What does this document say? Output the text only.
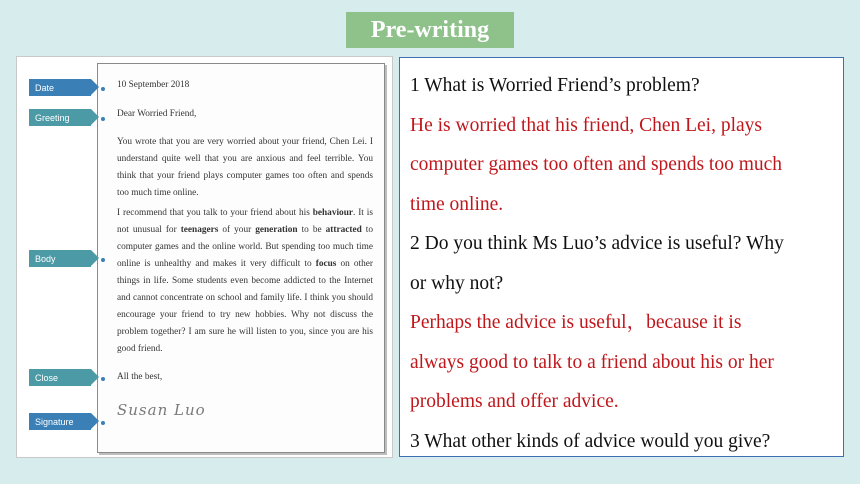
Pre-writing
Date	10 September 2018
Greeting	Dear Worried Friend,
You wrote that you are very worried about your friend, Chen Lei. I understand quite well that you are anxious and feel terrible. You think that your friend plays computer games too often and spends too much time online.
Body
I recommend that you talk to your friend about his behaviour. It is not unusual for teenagers of your generation to be attracted to computer games and the online world. But spending too much time online is unhealthy and makes it very difficult to focus on other things in life. Some students even become addicted to the Internet and cannot concentrate on school and family life. I think you should encourage your friend to try new hobbies. Why not discuss the problem together? I am sure he will listen to you, since you are his good friend.
Close	All the best,
Signature
Susan Luo
1 What is Worried Friend’s problem?
He is worried that his friend, Chen Lei, plays
computer games too often and spends too much
time online.
2 Do you think Ms Luo’s advice is useful? Why
or why not?
Perhaps the advice is useful，because it is
always good to talk to a friend about his or her
problems and offer advice.
3 What other kinds of advice would you give?
